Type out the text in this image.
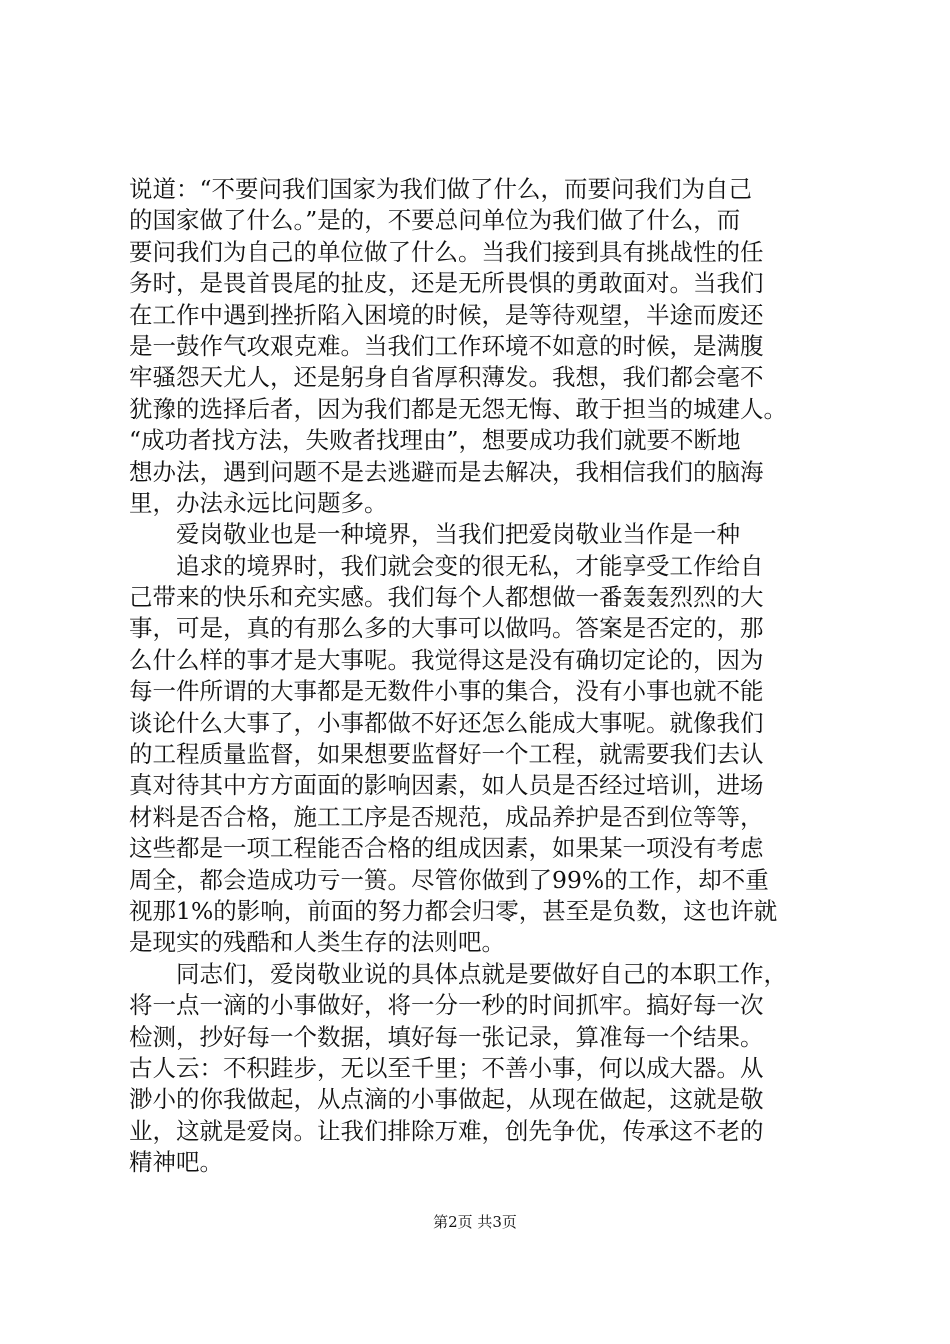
说道：“不要问我们国家为我们做了什么，而要问我们为自己
的国家做了什么。”是的，不要总问单位为我们做了什么，而
要问我们为自己的单位做了什么。当我们接到具有挑战性的任
务时，是畏首畏尾的扯皮，还是无所畏惧的勇敢面对。当我们
在工作中遇到挫折陷入困境的时候，是等待观望，半途而废还
是一鼓作气攻艰克难。当我们工作环境不如意的时候，是满腹
牢骚怨天尤人，还是躬身自省厚积薄发。我想，我们都会毫不
犹豫的选择后者，因为我们都是无怨无悔、敢于担当的城建人。
“成功者找方法，失败者找理由”，想要成功我们就要不断地
想办法，遇到问题不是去逃避而是去解决，我相信我们的脑海
里，办法永远比问题多。
爱岗敬业也是一种境界，当我们把爱岗敬业当作是一种
追求的境界时，我们就会变的很无私，才能享受工作给自
己带来的快乐和充实感。我们每个人都想做一番轰轰烈烈的大
事，可是，真的有那么多的大事可以做吗。答案是否定的，那
么什么样的事才是大事呢。我觉得这是没有确切定论的，因为
每一件所谓的大事都是无数件小事的集合，没有小事也就不能
谈论什么大事了，小事都做不好还怎么能成大事呢。就像我们
的工程质量监督，如果想要监督好一个工程，就需要我们去认
真对待其中方方面面的影响因素，如人员是否经过培训，进场
材料是否合格，施工工序是否规范，成品养护是否到位等等，
这些都是一项工程能否合格的组成因素，如果某一项没有考虑
周全，都会造成功亏一篑。尽管你做到了99%的工作，却不重
视那1%的影响，前面的努力都会归零，甚至是负数，这也许就
是现实的残酷和人类生存的法则吧。
同志们，爱岗敬业说的具体点就是要做好自己的本职工作，
将一点一滴的小事做好，将一分一秒的时间抓牢。搞好每一次
检测，抄好每一个数据，填好每一张记录，算准每一个结果。
古人云：不积跬步，无以至千里；不善小事，何以成大器。从
渺小的你我做起，从点滴的小事做起，从现在做起，这就是敬
业，这就是爱岗。让我们排除万难，创先争优，传承这不老的
精神吧。
第2页 共3页
